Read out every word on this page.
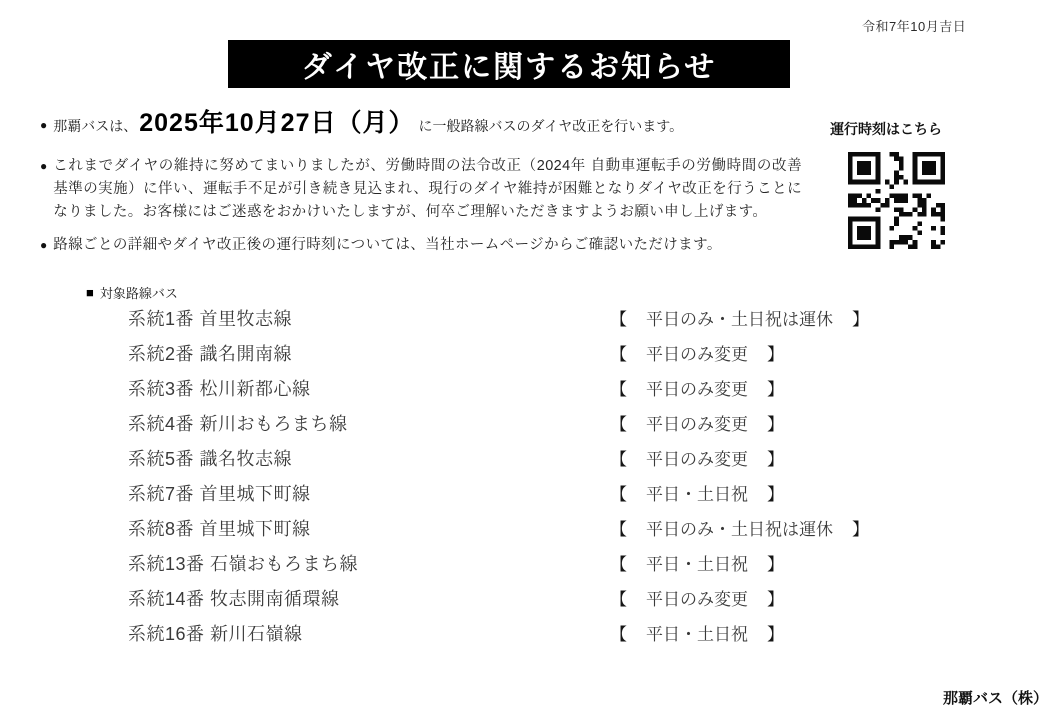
令和7年10月吉日
ダイヤ改正に関するお知らせ
● 那覇バスは、2025年10月27日（月） に一般路線バスのダイヤ改正を行います。
● これまでダイヤの維持に努めてまいりましたが、労働時間の法令改正（2024年 自動車運転手の労働時間の改善基準の実施）に伴い、運転手不足が引き続き見込まれ、現行のダイヤ維持が困難となりダイヤ改正を行うことになりました。お客様にはご迷惑をおかけいたしますが、何卒ご理解いただきますようお願い申し上げます。
● 路線ごとの詳細やダイヤ改正後の運行時刻については、当社ホームページからご確認いただけます。
運行時刻はこちら
■ 対象路線バス
系統1番 首里牧志線	【 平日のみ・土日祝は運休 】
系統2番 識名開南線	【 平日のみ変更 】
系統3番 松川新都心線	【 平日のみ変更 】
系統4番 新川おもろまち線	【 平日のみ変更 】
系統5番 識名牧志線	【 平日のみ変更 】
系統7番 首里城下町線	【 平日・土日祝 】
系統8番 首里城下町線	【 平日のみ・土日祝は運休 】
系統13番 石嶺おもろまち線	【 平日・土日祝 】
系統14番 牧志開南循環線	【 平日のみ変更 】
系統16番 新川石嶺線	【 平日・土日祝 】
那覇バス（株）
